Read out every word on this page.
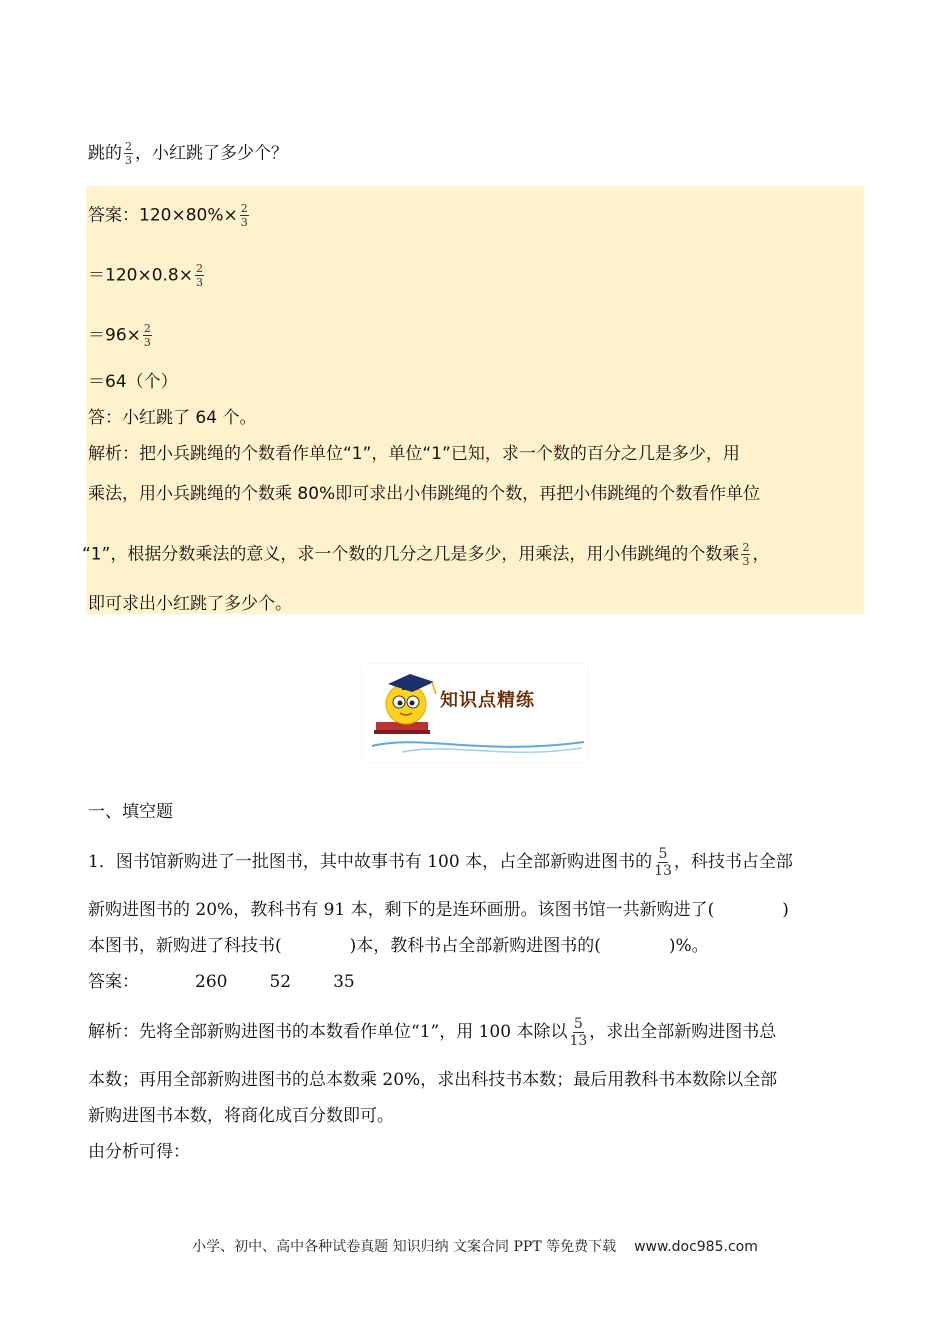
跳的 $\frac{2}{3}$ ，小红跳了多少个？
答案：$120\times 80\%\times \frac{2}{3}$
$=120\times 0.8\times \frac{2}{3}$
$=96\times \frac{2}{3}$
＝64（个）
答：小红跳了 64 个。
解析：把小兵跳绳的个数看作单位“1”，单位“1”已知，求一个数的百分之几是多少，用
乘法，用小兵跳绳的个数乘 80%即可求出小伟跳绳的个数，再把小伟跳绳的个数看作单位
“1”，根据分数乘法的意义，求一个数的几分之几是多少，用乘法，用小伟跳绳的个数乘 $\frac{2}{3}$ ，
即可求出小红跳了多少个。
知识点精练
一、填空题
1．图书馆新购进了一批图书，其中故事书有 100 本，占全部新购进图书的 $\frac{5}{13}$ ，科技书占全部
新购进图书的 20%，教科书有 91 本，剩下的是连环画册。该图书馆一共新购进了(　　　　)
本图书，新购进了科技书(　　　　)本，教科书占全部新购进图书的(　　　　)%。
答案：	260 52 35
解析：先将全部新购进图书的本数看作单位“1”，用 100 本除以 $\frac{5}{13}$ ，求出全部新购进图书总
本数；再用全部新购进图书的总本数乘 20%，求出科技书本数；最后用教科书本数除以全部
新购进图书本数，将商化成百分数即可。
由分析可得：
小学、初中、高中各种试卷真题 知识归纳 文案合同 PPT 等免费下载 www.doc985.com
